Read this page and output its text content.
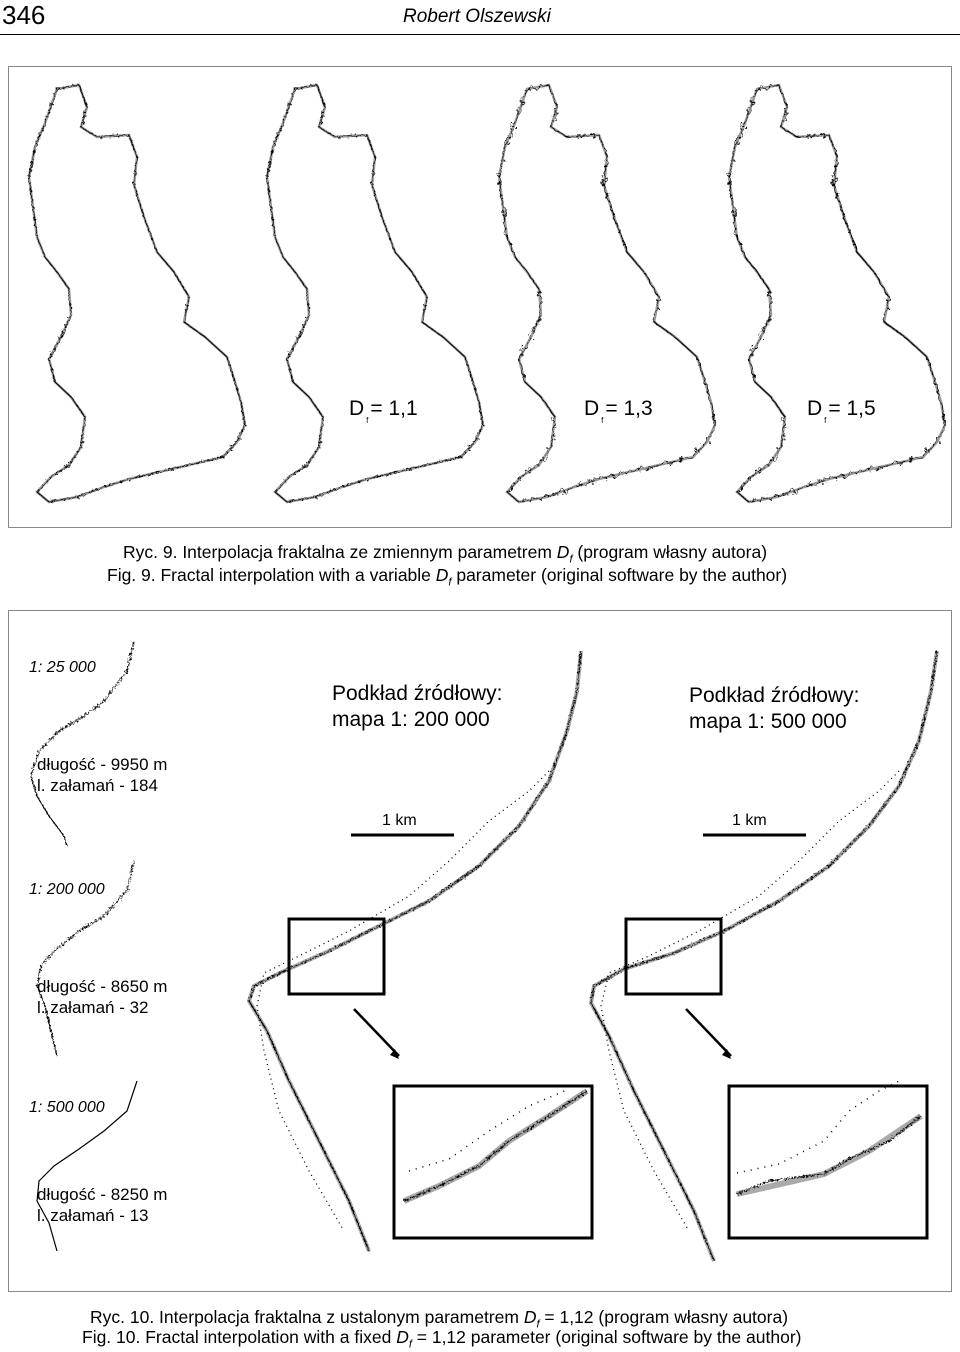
346	Robert Olszewski
$D_f= 1,1$	$D_f= 1,3$	$D_f= 1,5$
Ryc. 9. Interpolacja fraktalna ze zmiennym parametrem $D_f$ (program własny autora)
Fig. 9. Fractal interpolation with a variable $D_f$ parameter (original software by the author)
1: 25 000
długość - 9950 m
l. załamań - 184
1: 200 000
długość - 8650 m
l. załamań - 32
1: 500 000
długość - 8250 m
l. załamań - 13
Podkład źródłowy:
mapa 1: 200 000
Podkład źródłowy:
mapa 1: 500 000
1 km	1 km
Ryc. 10. Interpolacja fraktalna z ustalonym parametrem $D_f = 1,12$ (program własny autora)
Fig. 10. Fractal interpolation with a fixed $D_f = 1,12$ parameter (original software by the author)
